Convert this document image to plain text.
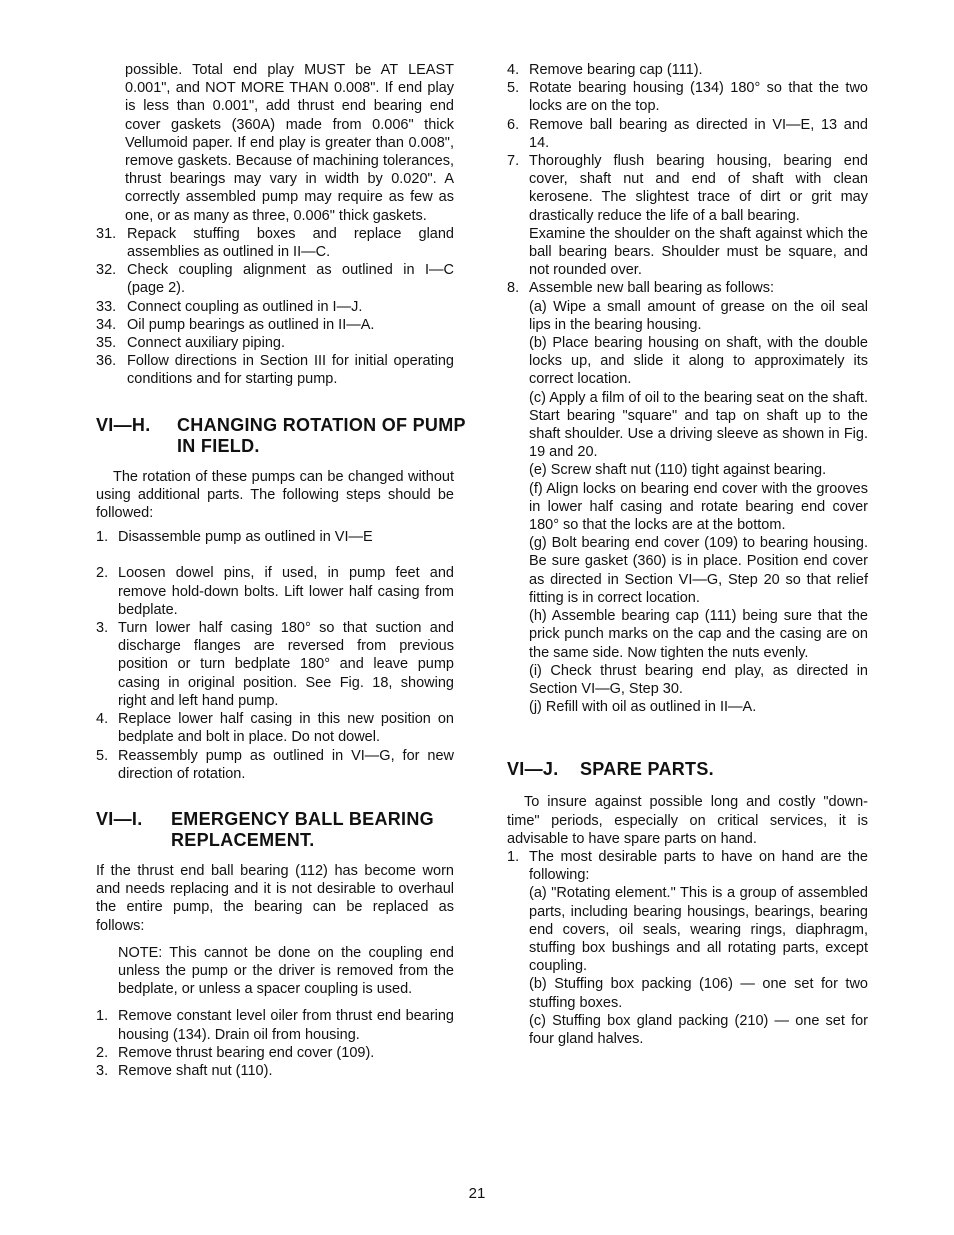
possible. Total end play MUST be AT LEAST 0.001", and NOT MORE THAN 0.008". If end play is less than 0.001", add thrust end bearing end cover gaskets (360A) made from 0.006" thick Vellumoid paper. If end play is greater than 0.008", remove gaskets. Because of machining tolerances, thrust bearings may vary in width by 0.020". A correctly assembled pump may require as few as one, or as many as three, 0.006" thick gaskets.

31. Repack stuffing boxes and replace gland assemblies as outlined in II—C.
32. Check coupling alignment as outlined in I—C (page 2).
33. Connect coupling as outlined in I—J.
34. Oil pump bearings as outlined in II—A.
35. Connect auxiliary piping.
36. Follow directions in Section III for initial operating conditions and for starting pump.
VI—H. CHANGING ROTATION OF PUMP IN FIELD.

The rotation of these pumps can be changed without using additional parts. The following steps should be followed:

1. Disassemble pump as outlined in VI—E
2. Loosen dowel pins, if used, in pump feet and remove hold-down bolts. Lift lower half casing from bedplate.
3. Turn lower half casing 180° so that suction and discharge flanges are reversed from previous position or turn bedplate 180° and leave pump casing in original position. See Fig. 18, showing right and left hand pump.
4. Replace lower half casing in this new position on bedplate and bolt in place. Do not dowel.
5. Reassembly pump as outlined in VI—G, for new direction of rotation.
VI—I. EMERGENCY BALL BEARING REPLACEMENT.

If the thrust end ball bearing (112) has become worn and needs replacing and it is not desirable to overhaul the entire pump, the bearing can be replaced as follows:

NOTE: This cannot be done on the coupling end unless the pump or the driver is removed from the bedplate, or unless a spacer coupling is used.

1. Remove constant level oiler from thrust end bearing housing (134). Drain oil from housing.
2. Remove thrust bearing end cover (109).
3. Remove shaft nut (110).
4. Remove bearing cap (111).
5. Rotate bearing housing (134) 180° so that the two locks are on the top.
6. Remove ball bearing as directed in VI—E, 13 and 14.
7. Thoroughly flush bearing housing, bearing end cover, shaft nut and end of shaft with clean kerosene. The slightest trace of dirt or grit may drastically reduce the life of a ball bearing.

Examine the shoulder on the shaft against which the ball bearing bears. Shoulder must be square, and not rounded over.

8. Assemble new ball bearing as follows:

(a) Wipe a small amount of grease on the oil seal lips in the bearing housing.

(b) Place bearing housing on shaft, with the double locks up, and slide it along to approximately its correct location.

(c) Apply a film of oil to the bearing seat on the shaft. Start bearing "square" and tap on shaft up to the shaft shoulder. Use a driving sleeve as shown in Fig. 19 and 20.

(e) Screw shaft nut (110) tight against bearing.

(f) Align locks on bearing end cover with the grooves in lower half casing and rotate bearing end cover 180° so that the locks are at the bottom.

(g) Bolt bearing end cover (109) to bearing housing. Be sure gasket (360) is in place. Position end cover as directed in Section VI—G, Step 20 so that relief fitting is in correct location.

(h) Assemble bearing cap (111) being sure that the prick punch marks on the cap and the casing are on the same side. Now tighten the nuts evenly.

(i) Check thrust bearing end play, as directed in Section VI—G, Step 30.

(j) Refill with oil as outlined in II—A.

VI—J. SPARE PARTS.

To insure against possible long and costly "down-time" periods, especially on critical services, it is advisable to have spare parts on hand.

1. The most desirable parts to have on hand are the following:

(a) "Rotating element." This is a group of assembled parts, including bearing housings, bearings, bearing end covers, oil seals, wearing rings, diaphragm, stuffing box bushings and all rotating parts, except coupling.

(b) Stuffing box packing (106) — one set for two stuffing boxes.

(c) Stuffing box gland packing (210) — one set for four gland halves.

21
